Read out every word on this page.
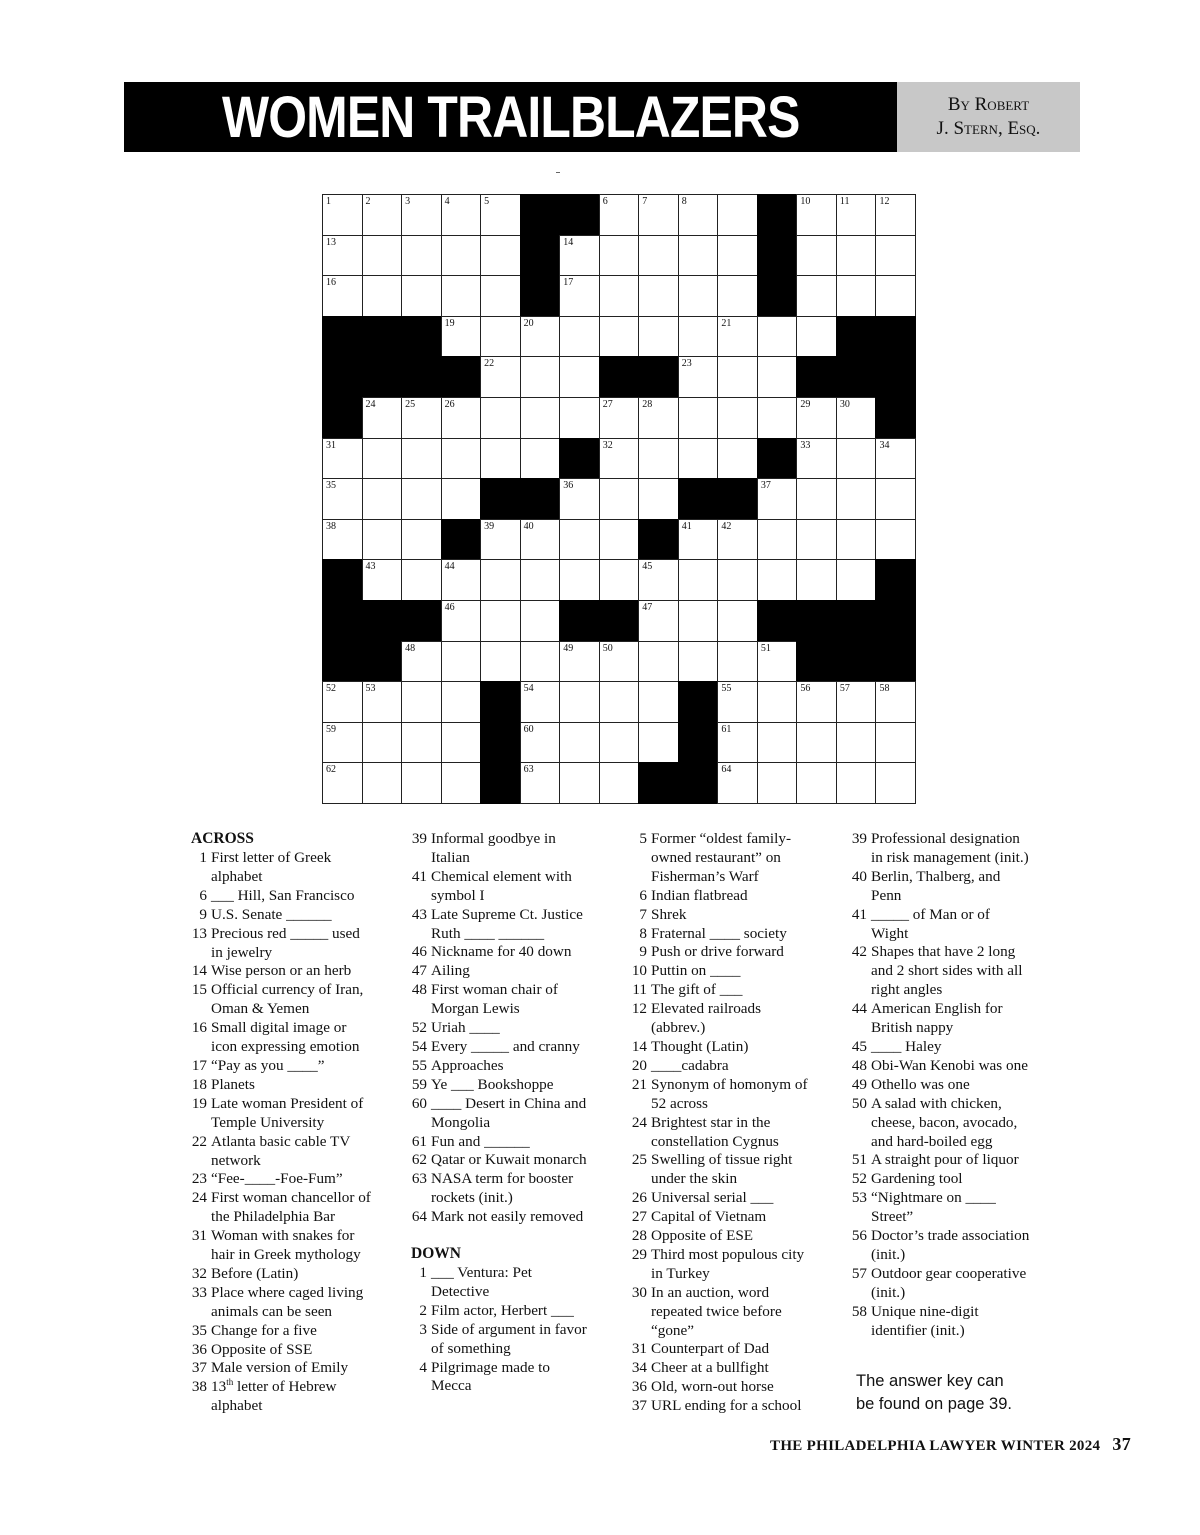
WOMEN TRAILBLAZERS	By Robert
J. Stern, Esq.
1	2	3	4	5	6	7	8	10	11	12
13	14
16	17
19	20	21
22	23
24	25	26	27	28	29	30
31	32	33	34
35	36	37
38	39	40	41	42
43	44	45
46	47
48	49	50	51
52	53	54	55	56	57	58
59	60	61
62	63	64
ACROSS
1 First letter of Greek
alphabet
6 ___ Hill, San Francisco
9 U.S. Senate ______
13 Precious red _____ used
in jewelry
14 Wise person or an herb
15 Official currency of Iran,
Oman & Yemen
16 Small digital image or
icon expressing emotion
17 “Pay as you ____”
18 Planets
19 Late woman President of
Temple University
22 Atlanta basic cable TV
network
23 “Fee-____-Foe-Fum”
24 First woman chancellor of
the Philadelphia Bar
31 Woman with snakes for
hair in Greek mythology
32 Before (Latin)
33 Place where caged living
animals can be seen
35 Change for a five
36 Opposite of SSE
37 Male version of Emily
38 13th letter of Hebrew
alphabet
39 Informal goodbye in
Italian
41 Chemical element with
symbol I
43 Late Supreme Ct. Justice
Ruth ____ ______
46 Nickname for 40 down
47 Ailing
48 First woman chair of
Morgan Lewis
52 Uriah ____
54 Every _____ and cranny
55 Approaches
59 Ye ___ Bookshoppe
60 ____ Desert in China and
Mongolia
61 Fun and ______
62 Qatar or Kuwait monarch
63 NASA term for booster
rockets (init.)
64 Mark not easily removed
DOWN
1 ___ Ventura: Pet
Detective
2 Film actor, Herbert ___
3 Side of argument in favor
of something
4 Pilgrimage made to
Mecca
5 Former “oldest family-
owned restaurant” on
Fisherman’s Warf
6 Indian flatbread
7 Shrek
8 Fraternal ____ society
9 Push or drive forward
10 Puttin on ____
11 The gift of ___
12 Elevated railroads
(abbrev.)
14 Thought (Latin)
20 ____cadabra
21 Synonym of homonym of
52 across
24 Brightest star in the
constellation Cygnus
25 Swelling of tissue right
under the skin
26 Universal serial ___
27 Capital of Vietnam
28 Opposite of ESE
29 Third most populous city
in Turkey
30 In an auction, word
repeated twice before
“gone”
31 Counterpart of Dad
34 Cheer at a bullfight
36 Old, worn-out horse
37 URL ending for a school
39 Professional designation
in risk management (init.)
40 Berlin, Thalberg, and
Penn
41 _____ of Man or of
Wight
42 Shapes that have 2 long
and 2 short sides with all
right angles
44 American English for
British nappy
45 ____ Haley
48 Obi-Wan Kenobi was one
49 Othello was one
50 A salad with chicken,
cheese, bacon, avocado,
and hard-boiled egg
51 A straight pour of liquor
52 Gardening tool
53 “Nightmare on ____
Street”
56 Doctor’s trade association
(init.)
57 Outdoor gear cooperative
(init.)
58 Unique nine-digit
identifier (init.)
The answer key can
be found on page 39.
THE PHILADELPHIA LAWYER WINTER 2024 37
